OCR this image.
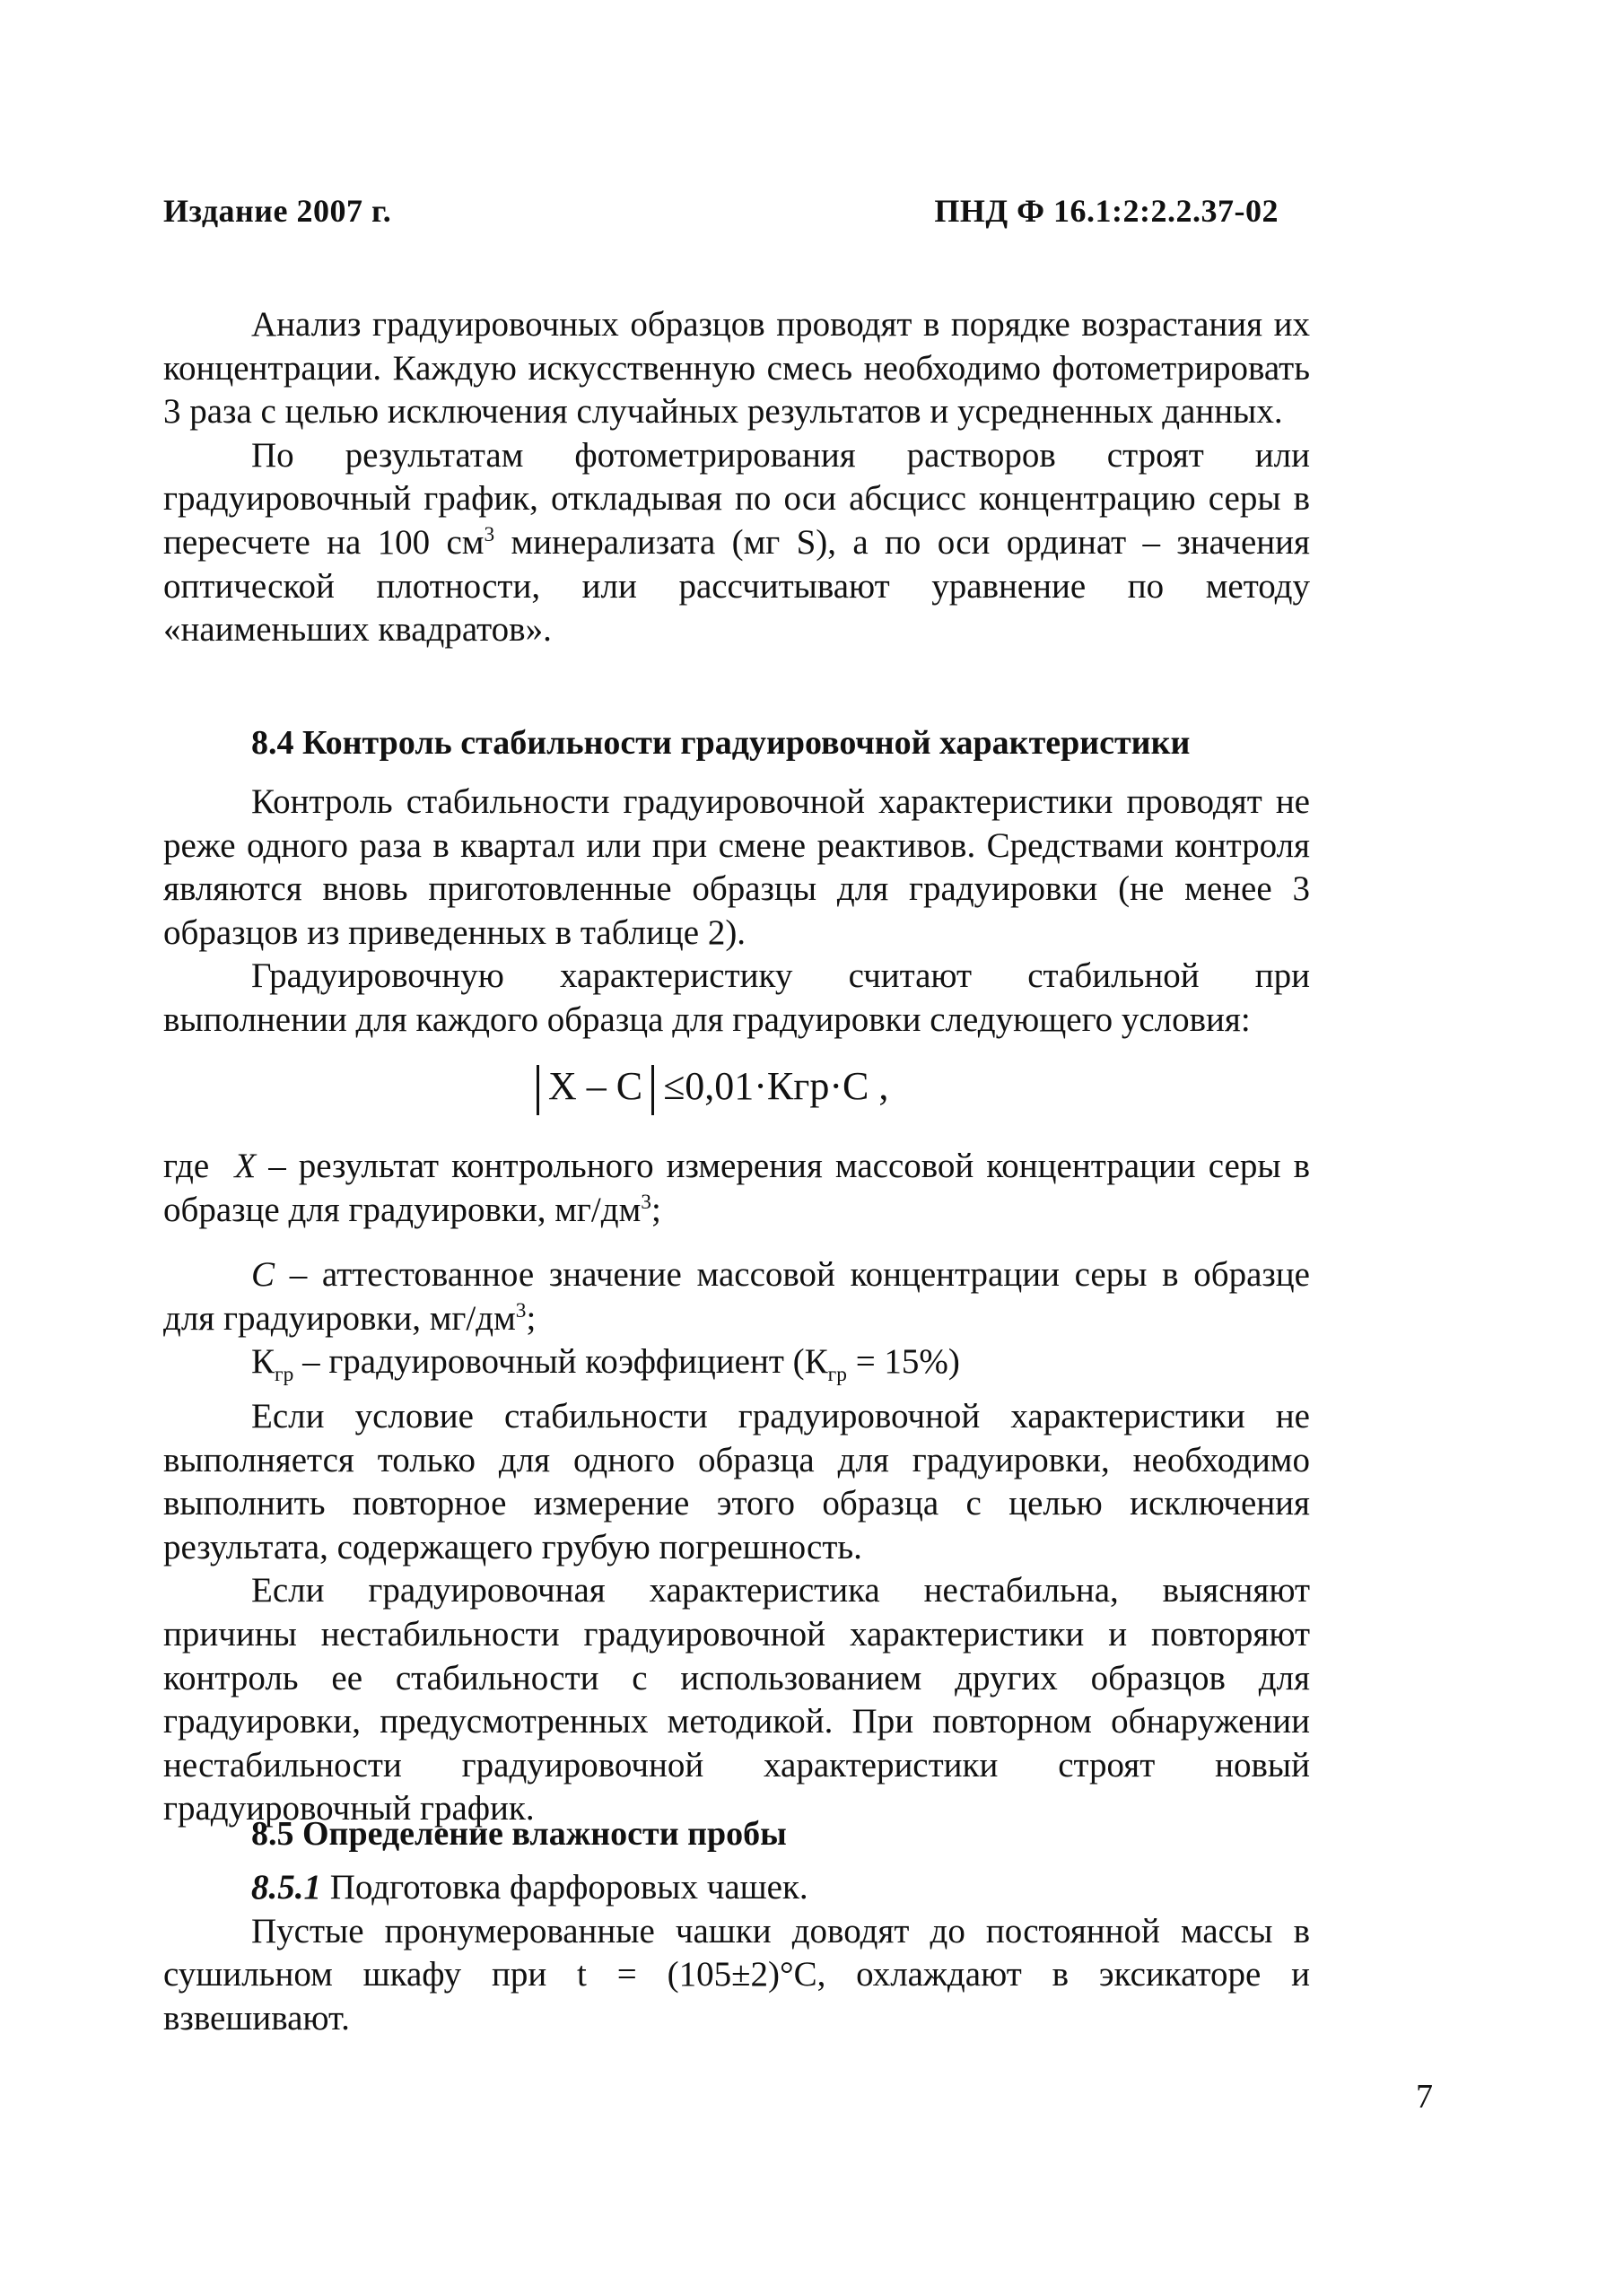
Издание 2007 г.	ПНД Ф 16.1:2:2.2.37-02

Анализ градуировочных образцов проводят в порядке возрастания их концентрации. Каждую искусственную смесь необходимо фотометрировать 3 раза с целью исключения случайных результатов и усредненных данных.

По результатам фотометрирования растворов строят или градуировочный график, откладывая по оси абсцисс концентрацию серы в пересчете на 100 $см^3$ минерализата (мг S), а по оси ординат – значения оптической плотности, или рассчитывают уравнение по методу «наименьших квадратов».

8.4 Контроль стабильности градуировочной характеристики

Контроль стабильности градуировочной характеристики проводят не реже одного раза в квартал или при смене реактивов. Средствами контроля являются вновь приготовленные образцы для градуировки (не менее 3 образцов из приведенных в таблице 2).

Градуировочную характеристику считают стабильной при выполнении для каждого образца для градуировки следующего условия:

X – C ≤0,01·Кгр·C ,

где  X – результат контрольного измерения массовой концентрации серы в образце для градуировки, $мг/дм^3$;

C – аттестованное значение массовой концентрации серы в образце для градуировки, $мг/дм^3$;

$К_{гр}$ – градуировочный коэффициент $(К_{гр} = 15\%)$

Если условие стабильности градуировочной характеристики не выполняется только для одного образца для градуировки, необходимо выполнить повторное измерение этого образца с целью исключения результата, содержащего грубую погрешность.

Если градуировочная характеристика нестабильна, выясняют причины нестабильности градуировочной характеристики и повторяют контроль ее стабильности с использованием других образцов для градуировки, предусмотренных методикой. При повторном обнаружении нестабильности градуировочной характеристики строят новый градуировочный график.

8.5 Определение влажности пробы

8.5.1 Подготовка фарфоровых чашек.

Пустые пронумерованные чашки доводят до постоянной массы в сушильном шкафу при t = (105±2)°С, охлаждают в эксикаторе и взвешивают.

7
